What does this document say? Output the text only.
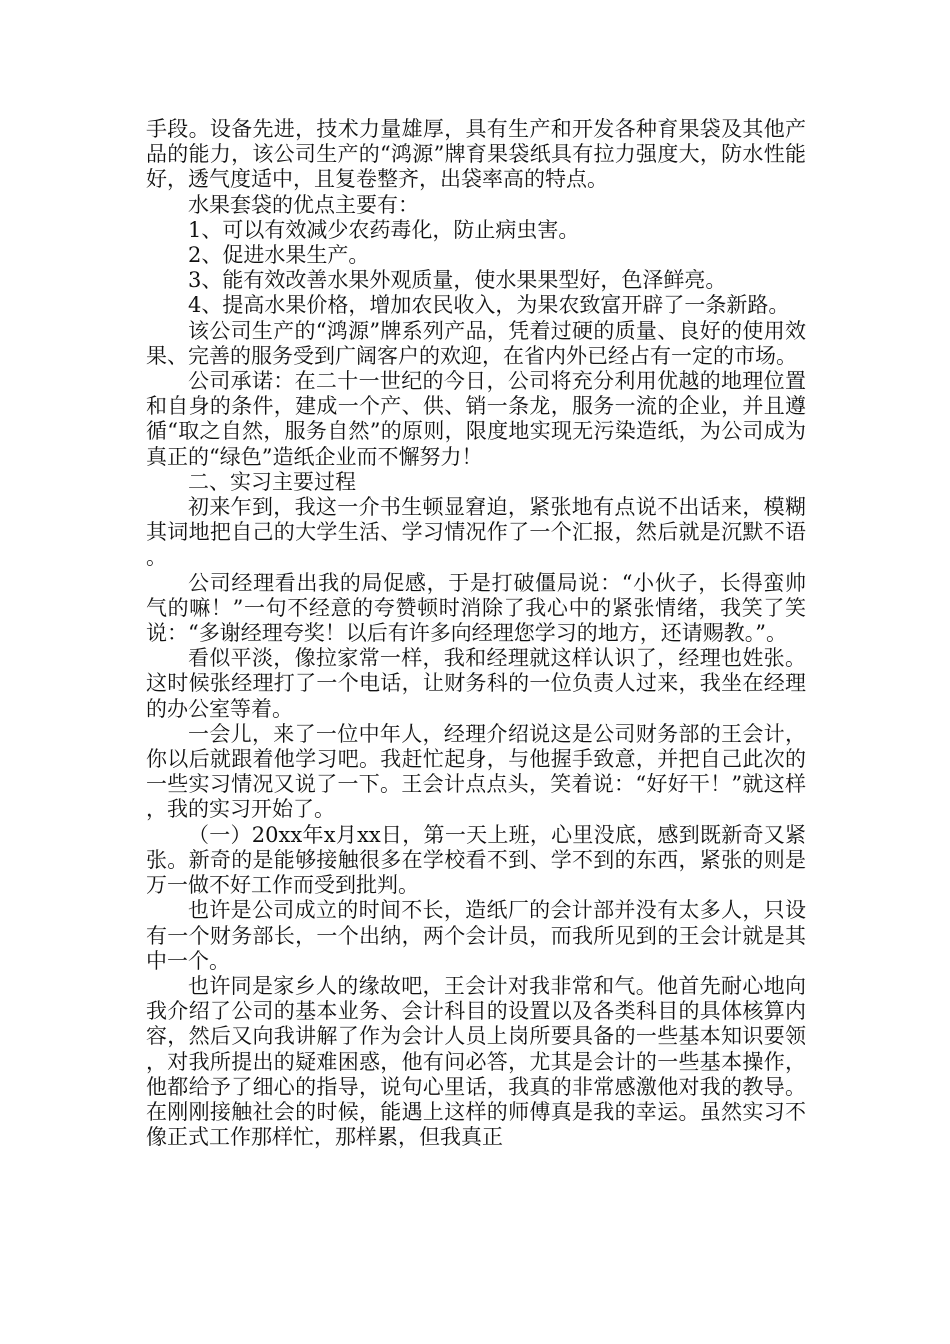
手段。设备先进，技术力量雄厚，具有生产和开发各种育果袋及其他产品的能力，该公司生产的“鸿源”牌育果袋纸具有拉力强度大，防水性能好，透气度适中，且复卷整齐，出袋率高的特点。

水果套袋的优点主要有：

1、可以有效减少农药毒化，防止病虫害。

2、促进水果生产。

3、能有效改善水果外观质量，使水果果型好，色泽鲜亮。

4、提高水果价格，增加农民收入，为果农致富开辟了一条新路。

该公司生产的“鸿源”牌系列产品，凭着过硬的质量、良好的使用效果、完善的服务受到广阔客户的欢迎，在省内外已经占有一定的市场。

公司承诺：在二十一世纪的今日，公司将充分利用优越的地理位置和自身的条件，建成一个产、供、销一条龙，服务一流的企业，并且遵循“取之自然，服务自然”的原则，限度地实现无污染造纸，为公司成为真正的“绿色”造纸企业而不懈努力！

二、实习主要过程

初来乍到，我这一介书生顿显窘迫，紧张地有点说不出话来，模糊其词地把自己的大学生活、学习情况作了一个汇报，然后就是沉默不语。

公司经理看出我的局促感，于是打破僵局说：“小伙子，长得蛮帅气的嘛！”一句不经意的夸赞顿时消除了我心中的紧张情绪，我笑了笑说：“多谢经理夸奖！以后有许多向经理您学习的地方，还请赐教。”。

看似平淡，像拉家常一样，我和经理就这样认识了，经理也姓张。这时候张经理打了一个电话，让财务科的一位负责人过来，我坐在经理的办公室等着。

一会儿，来了一位中年人，经理介绍说这是公司财务部的王会计，你以后就跟着他学习吧。我赶忙起身，与他握手致意，并把自己此次的一些实习情况又说了一下。王会计点点头，笑着说：“好好干！”就这样，我的实习开始了。

（一）20xx年x月xx日，第一天上班，心里没底，感到既新奇又紧张。新奇的是能够接触很多在学校看不到、学不到的东西，紧张的则是万一做不好工作而受到批判。

也许是公司成立的时间不长，造纸厂的会计部并没有太多人，只设有一个财务部长，一个出纳，两个会计员，而我所见到的王会计就是其中一个。

也许同是家乡人的缘故吧，王会计对我非常和气。他首先耐心地向我介绍了公司的基本业务、会计科目的设置以及各类科目的具体核算内容，然后又向我讲解了作为会计人员上岗所要具备的一些基本知识要领，对我所提出的疑难困惑，他有问必答，尤其是会计的一些基本操作，他都给予了细心的指导，说句心里话，我真的非常感激他对我的教导。在刚刚接触社会的时候，能遇上这样的师傅真是我的幸运。虽然实习不像正式工作那样忙，那样累，但我真正
